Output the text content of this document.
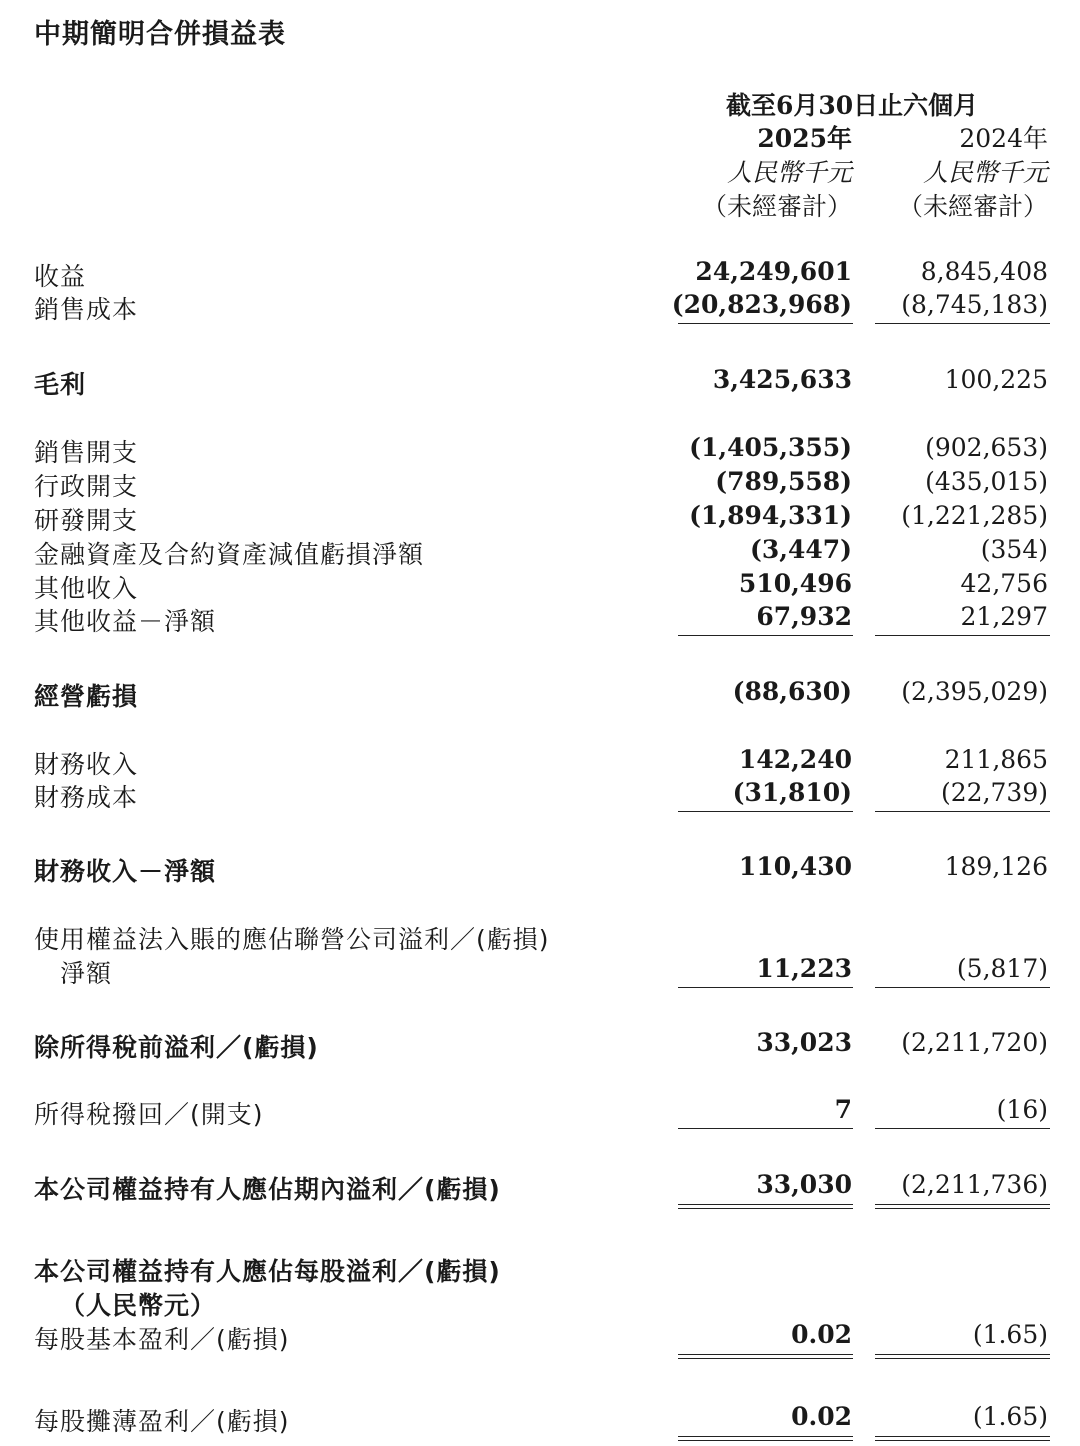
中期簡明合併損益表
截至6月30日止六個月
2025年	2024年
人民幣千元	人民幣千元
（未經審計） （未經審計）
收益	24,249,601	8,845,408
銷售成本	(20,823,968) (8,745,183)
毛利	3,425,633	100,225
銷售開支	(1,405,355)	(902,653)
行政開支	(789,558)	(435,015)
研發開支	(1,894,331) (1,221,285)
金融資產及合約資產減值虧損淨額	(3,447)	(354)
其他收入	510,496	42,756
其他收益－淨額	67,932	21,297
經營虧損	(88,630) (2,395,029)
財務收入	142,240	211,865
財務成本	(31,810)	(22,739)
財務收入－淨額	110,430	189,126
使用權益法入賬的應佔聯營公司溢利／(虧損)
淨額	11,223	(5,817)
除所得稅前溢利／(虧損)	33,023 (2,211,720)
所得稅撥回／(開支)	7	(16)
本公司權益持有人應佔期內溢利／(虧損)	33,030 (2,211,736)
本公司權益持有人應佔每股溢利／(虧損)
（人民幣元）
每股基本盈利／(虧損)	0.02	(1.65)
每股攤薄盈利／(虧損)	0.02	(1.65)
